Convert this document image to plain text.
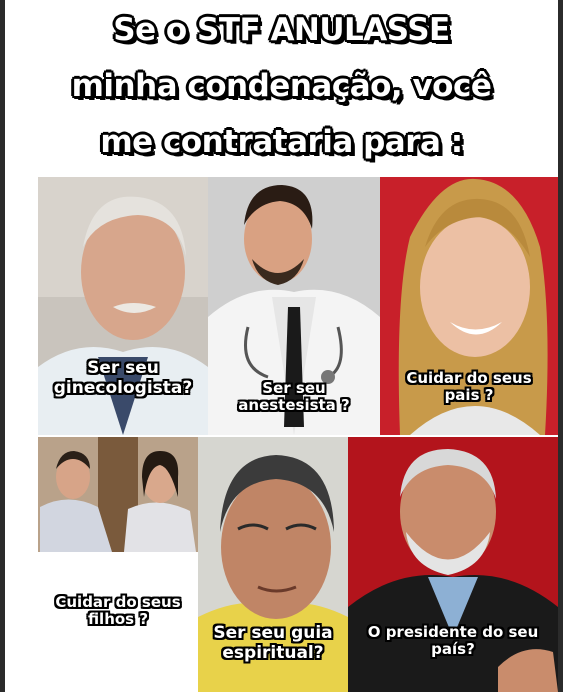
Se o STF ANULASSE
minha condenação, você
me contrataria para :
Ser seu
ginecologista?	Ser seu
anestesista ?
Cuidar do seus
pais ?
Cuidar do seus
filhos ?
Ser seu guia
espiritual?
O presidente do seu
país?
